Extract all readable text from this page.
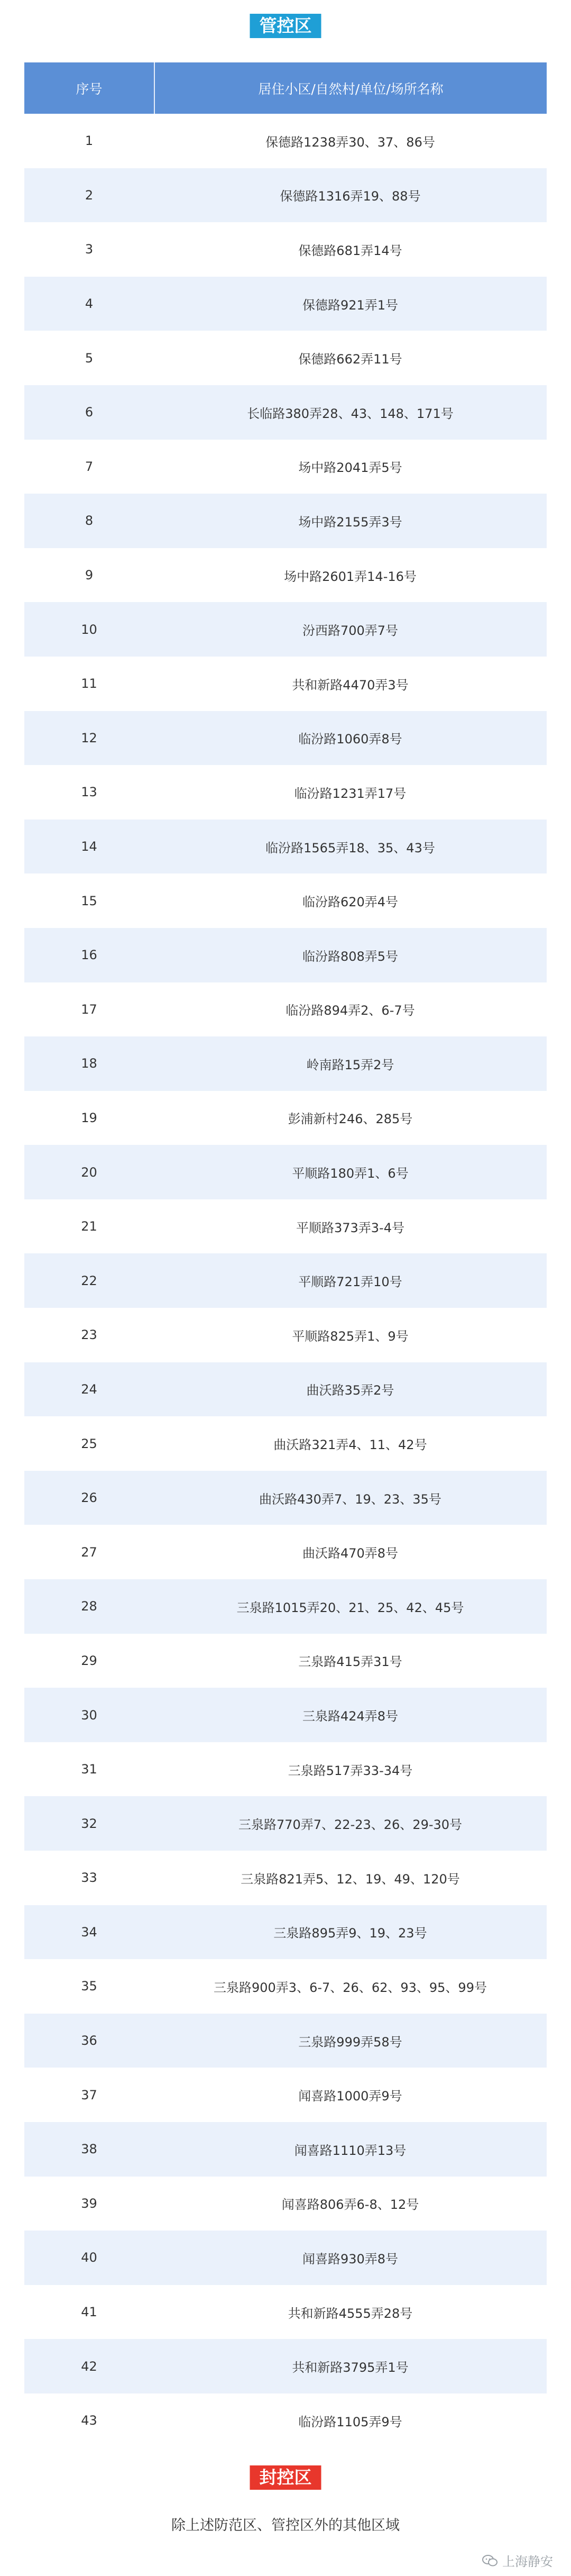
管控区
序号	居住小区/自然村/单位/场所名称
1	保德路1238弄30、37、86号
2	保德路1316弄19、88号
3	保德路681弄14号
4	保德路921弄1号
5	保德路662弄11号
6	长临路380弄28、43、148、171号
7	场中路2041弄5号
8	场中路2155弄3号
9	场中路2601弄14-16号
10	汾西路700弄7号
11	共和新路4470弄3号
12	临汾路1060弄8号
13	临汾路1231弄17号
14	临汾路1565弄18、35、43号
15	临汾路620弄4号
16	临汾路808弄5号
17	临汾路894弄2、6-7号
18	岭南路15弄2号
19	彭浦新村246、285号
20	平顺路180弄1、6号
21	平顺路373弄3-4号
22	平顺路721弄10号
23	平顺路825弄1、9号
24	曲沃路35弄2号
25	曲沃路321弄4、11、42号
26	曲沃路430弄7、19、23、35号
27	曲沃路470弄8号
28	三泉路1015弄20、21、25、42、45号
29	三泉路415弄31号
30	三泉路424弄8号
31	三泉路517弄33-34号
32	三泉路770弄7、22-23、26、29-30号
33	三泉路821弄5、12、19、49、120号
34	三泉路895弄9、19、23号
35	三泉路900弄3、6-7、26、62、93、95、99号
36	三泉路999弄58号
37	闻喜路1000弄9号
38	闻喜路1110弄13号
39	闻喜路806弄6-8、12号
40	闻喜路930弄8号
41	共和新路4555弄28号
42	共和新路3795弄1号
43	临汾路1105弄9号
封控区
除上述防范区、管控区外的其他区域
上海静安
